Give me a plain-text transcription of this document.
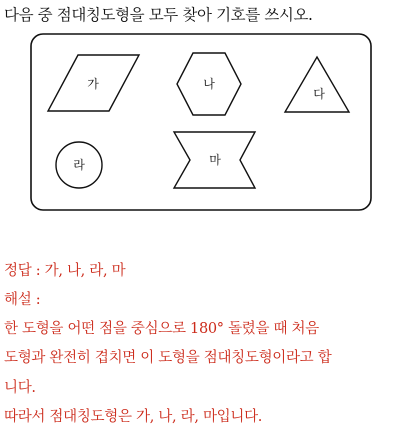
다음 중 점대칭도형을 모두 찾아 기호를 쓰시오.
가	나
다
라	마
정답 : 가, 나, 라, 마
해설 :
한 도형을 어떤 점을 중심으로 180° 돌렸을 때 처음
도형과 완전히 겹치면 이 도형을 점대칭도형이라고 합
니다.
따라서 점대칭도형은 가, 나, 라, 마입니다.
